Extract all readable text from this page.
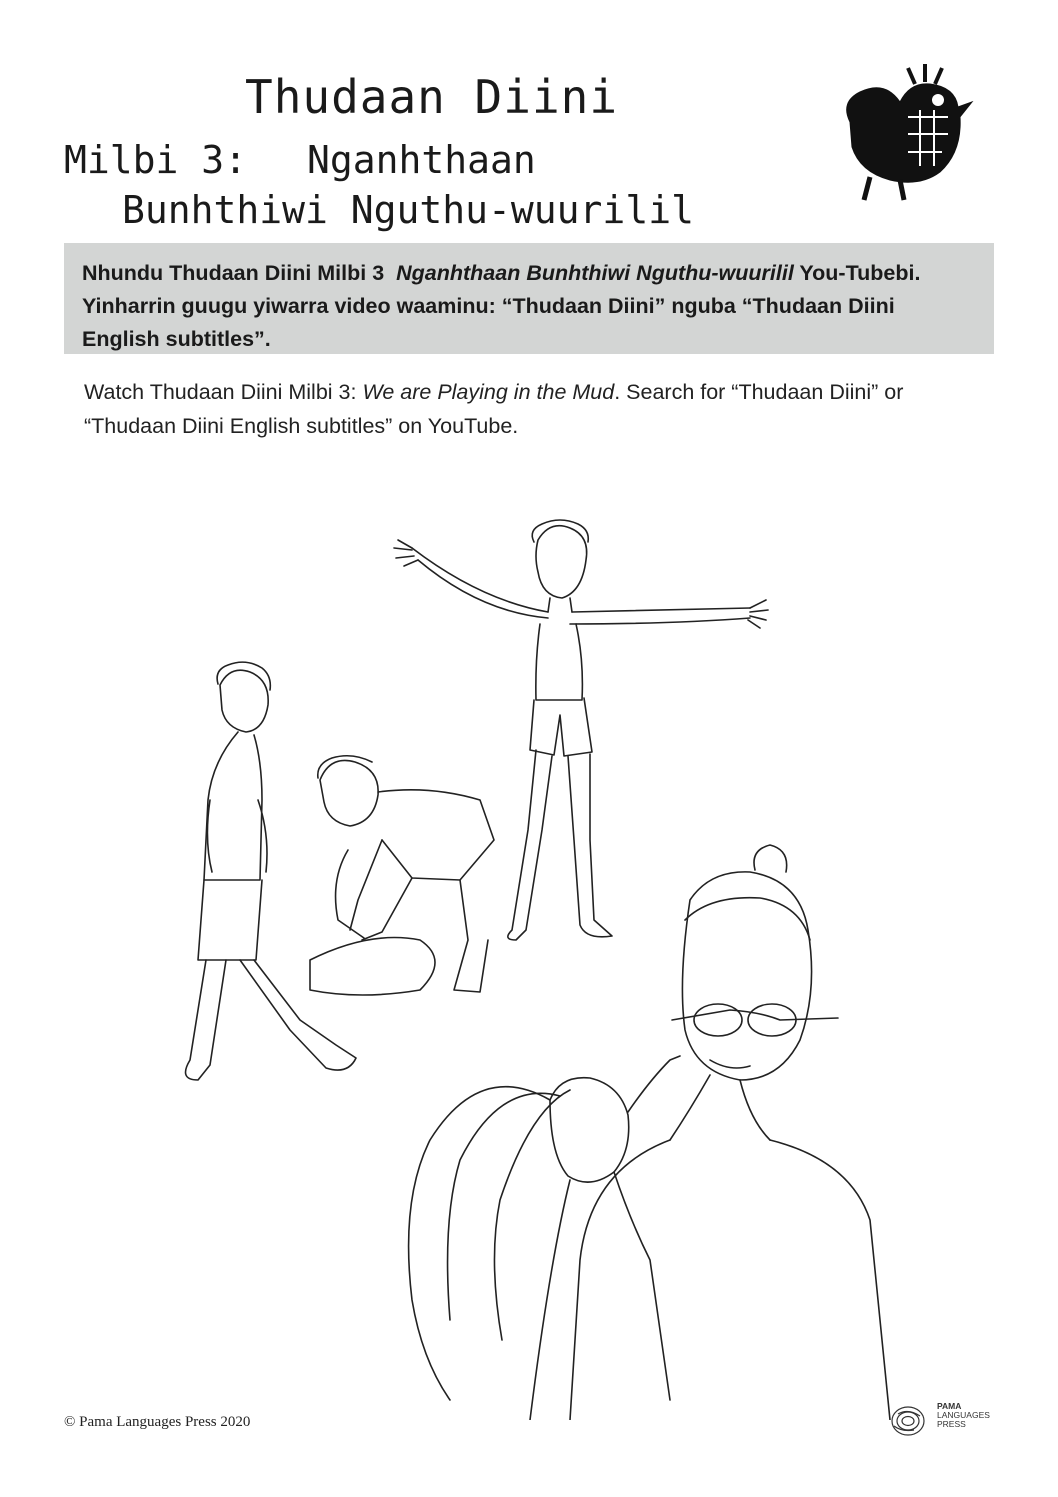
Thudaan Diini
Milbi 3: Nganhthaan
Bunhthiwi Nguthu-wuurilil
Nhundu Thudaan Diini Milbi 3 Nganhthaan Bunhthiwi Nguthu-wuurilil You-Tubebi. Yinharrin guugu yiwarra video waaminu: “Thudaan Diini” nguba “Thudaan Diini English subtitles”.
Watch Thudaan Diini Milbi 3: We are Playing in the Mud. Search for “Thudaan Diini” or “Thudaan Diini English subtitles” on YouTube.
© Pama Languages Press 2020
PAMA
LANGUAGES
PRESS
